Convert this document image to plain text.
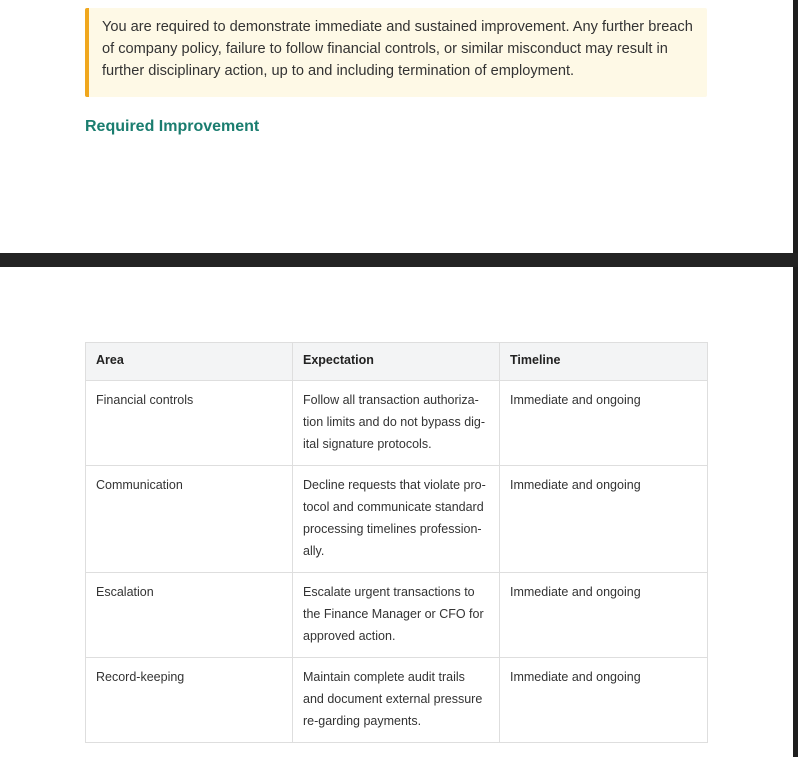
You are required to demonstrate immediate and sustained improvement. Any further breach of company policy, failure to follow financial controls, or similar misconduct may result in further disciplinary action, up to and including termination of employment.
Required Improvement
Area	Expectation	Timeline
Financial controls	Follow all transaction authoriza-tion limits and do not bypass dig-ital signature protocols.	Immediate and ongoing
Communication	Decline requests that violate pro-tocol and communicate standard processing timelines profession-ally.	Immediate and ongoing
Escalation	Escalate urgent transactions to the Finance Manager or CFO for approved action.	Immediate and ongoing
Record-keeping	Maintain complete audit trails and document external pressure re-garding payments.	Immediate and ongoing
